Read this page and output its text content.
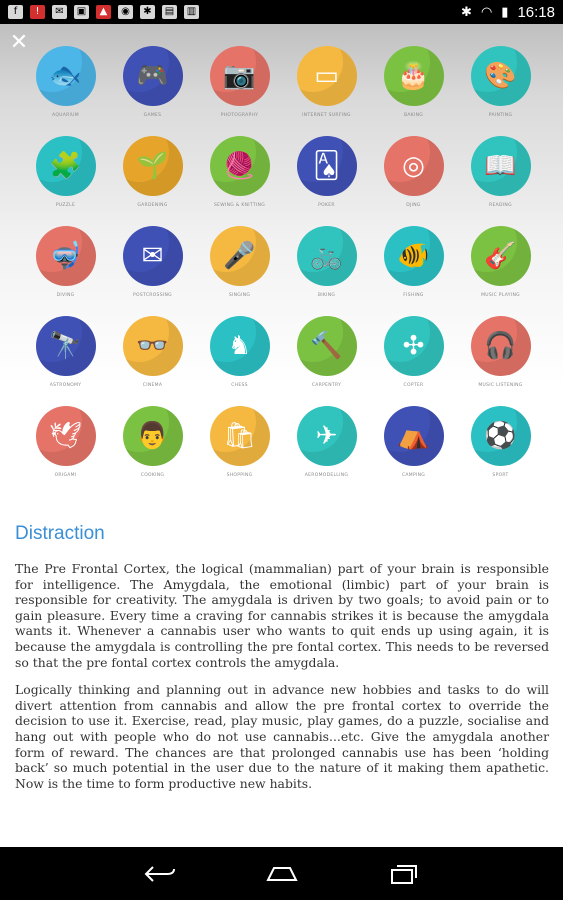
f	!	✉	▣	▲	◉	✱	▤ ▥	✱ ◠ ▮ 16:18
✕
🐟
AQUARIUM
🎮
GAMES
📷
PHOTOGRAPHY
▭
INTERNET SURFING
🎂
BAKING
🎨
PAINTING
🧩
PUZZLE
🌱
GARDENING
🧶
SEWING & KNITTING
🂡
POKER
◎
DJING
📖
READING
🤿
DIVING
✉
POSTCROSSING
🎤
SINGING
🚲
BIKING
🐠
FISHING
🎸
MUSIC PLAYING
🔭
ASTRONOMY
👓
CINEMA
♞
CHESS
🔨
CARPENTRY
✣
COPTER
🎧
MUSIC LISTENING
🕊
ORIGAMI
👨
COOKING
🛍
SHOPPING
✈
AEROMODELLING
⛺
CAMPING
⚽
SPORT
Distraction

The Pre Frontal Cortex, the logical (mammalian) part of your brain is responsible for intelligence. The Amygdala, the emotional (limbic) part of your brain is responsible for creativity. The amygdala is driven by two goals; to avoid pain or to gain pleasure. Every time a craving for cannabis strikes it is because the amygdala wants it. Whenever a cannabis user who wants to quit ends up using again, it is because the amygdala is controlling the pre fontal cortex. This needs to be reversed so that the pre fontal cortex controls the amygdala.

Logically thinking and planning out in advance new hobbies and tasks to do will divert attention from cannabis and allow the pre frontal cortex to override the decision to use it. Exercise, read, play music, play games, do a puzzle, socialise and hang out with people who do not use cannabis...etc. Give the amygdala another form of reward. The chances are that prolonged cannabis use has been ‘holding back’ so much potential in the user due to the nature of it making them apathetic. Now is the time to form productive new habits.
